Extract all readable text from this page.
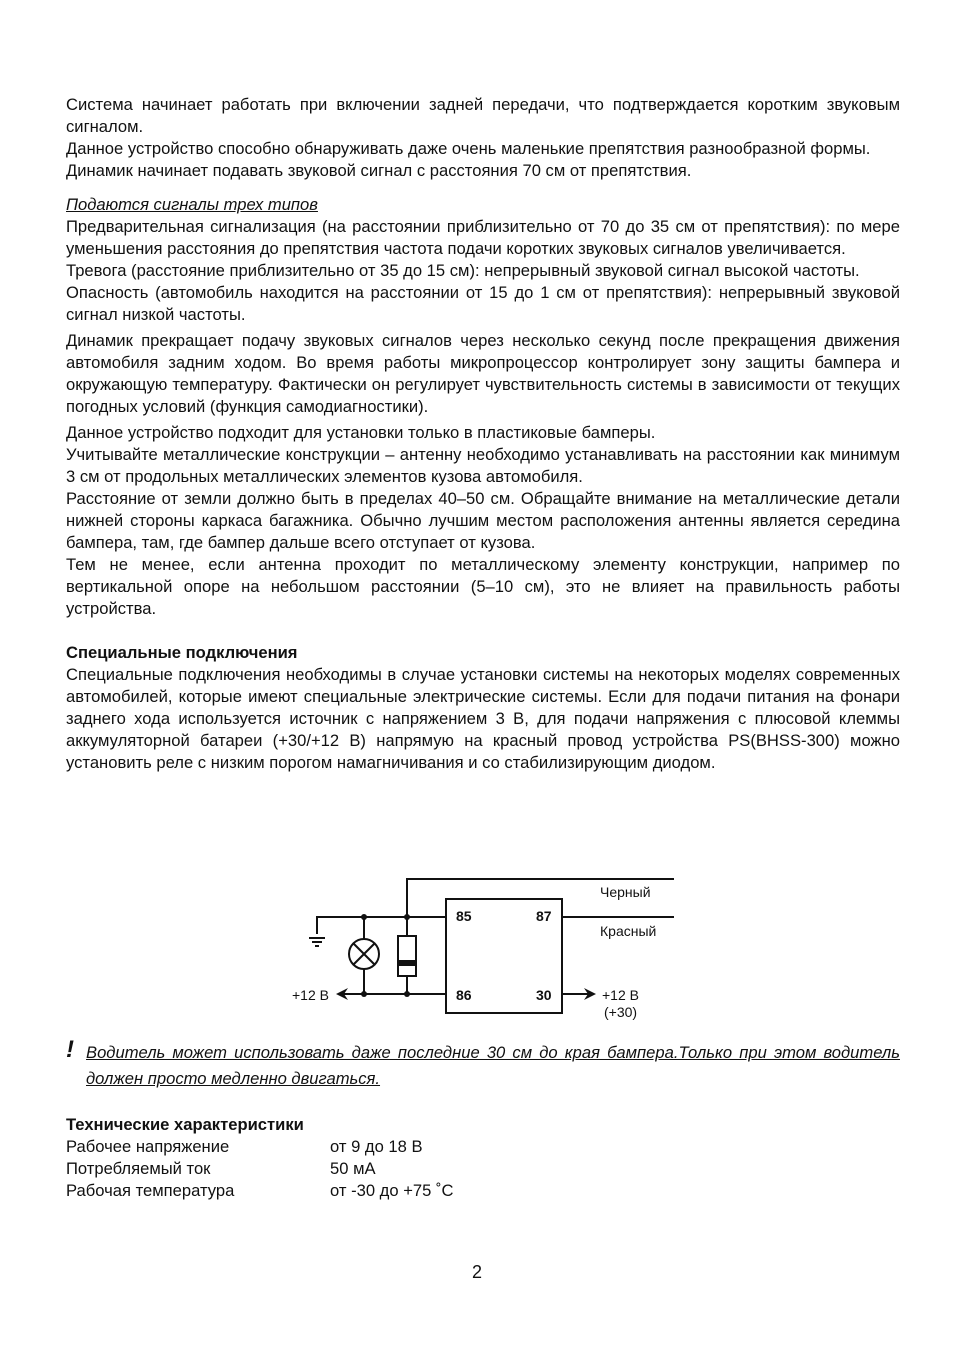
Система начинает работать при включении задней передачи, что подтверждается коротким звуковым сигналом.

Данное устройство способно обнаруживать даже очень маленькие препятствия разнообразной формы.

Динамик начинает подавать звуковой сигнал с расстояния 70 см от препятствия.

Подаются сигналы трех типов

Предварительная сигнализация (на расстоянии приблизительно от 70 до 35 см от препятствия): по мере уменьшения расстояния до препятствия частота подачи коротких звуковых сигналов увеличивается.

Тревога (расстояние приблизительно от 35 до 15 см): непрерывный звуковой сигнал высокой частоты.

Опасность (автомобиль находится на расстоянии от 15 до 1 см от препятствия): непрерывный звуковой сигнал низкой частоты.

Динамик прекращает подачу звуковых сигналов через несколько секунд после прекращения движения автомобиля задним ходом. Во время работы микропроцессор контролирует зону защиты бампера и окружающую температуру. Фактически он регулирует чувствительность системы в зависимости от текущих погодных условий (функция самодиагностики).

Данное устройство подходит для установки только в пластиковые бамперы.

Учитывайте металлические конструкции – антенну необходимо устанавливать на расстоянии как минимум 3 см от продольных металлических элементов кузова автомобиля.

Расстояние от земли должно быть в пределах 40–50 см. Обращайте внимание на металлические детали нижней стороны каркаса багажника. Обычно лучшим местом расположения антенны является середина бампера, там, где бампер дальше всего отступает от кузова.

Тем не менее, если антенна проходит по металлическому элементу конструкции, например по вертикальной опоре на небольшом расстоянии (5–10 см), это не влияет на правильность работы устройства.

Специальные подключения

Специальные подключения необходимы в случае установки системы на некоторых моделях современных автомобилей, которые имеют специальные электрические системы. Если для подачи питания на фонари заднего хода используется источник с напряжением 3 В, для подачи напряжения с плюсовой клеммы аккумуляторной батареи (+30/+12 В) напрямую на красный провод устройства PS(BHSS-300) можно установить реле с низким порогом намагничивания и со стабилизирующим диодом.

85	87
86	30
Черный
Красный
+12 В	+12 В
(+30)
! Водитель может использовать даже последние 30 см до края бампера.Только при этом водитель должен просто медленно двигаться.

Технические характеристики

Рабочее напряжение	от 9 до 18 В
Потребляемый ток	50 мА
Рабочая температура	от -30 до +75 ˚С
2
